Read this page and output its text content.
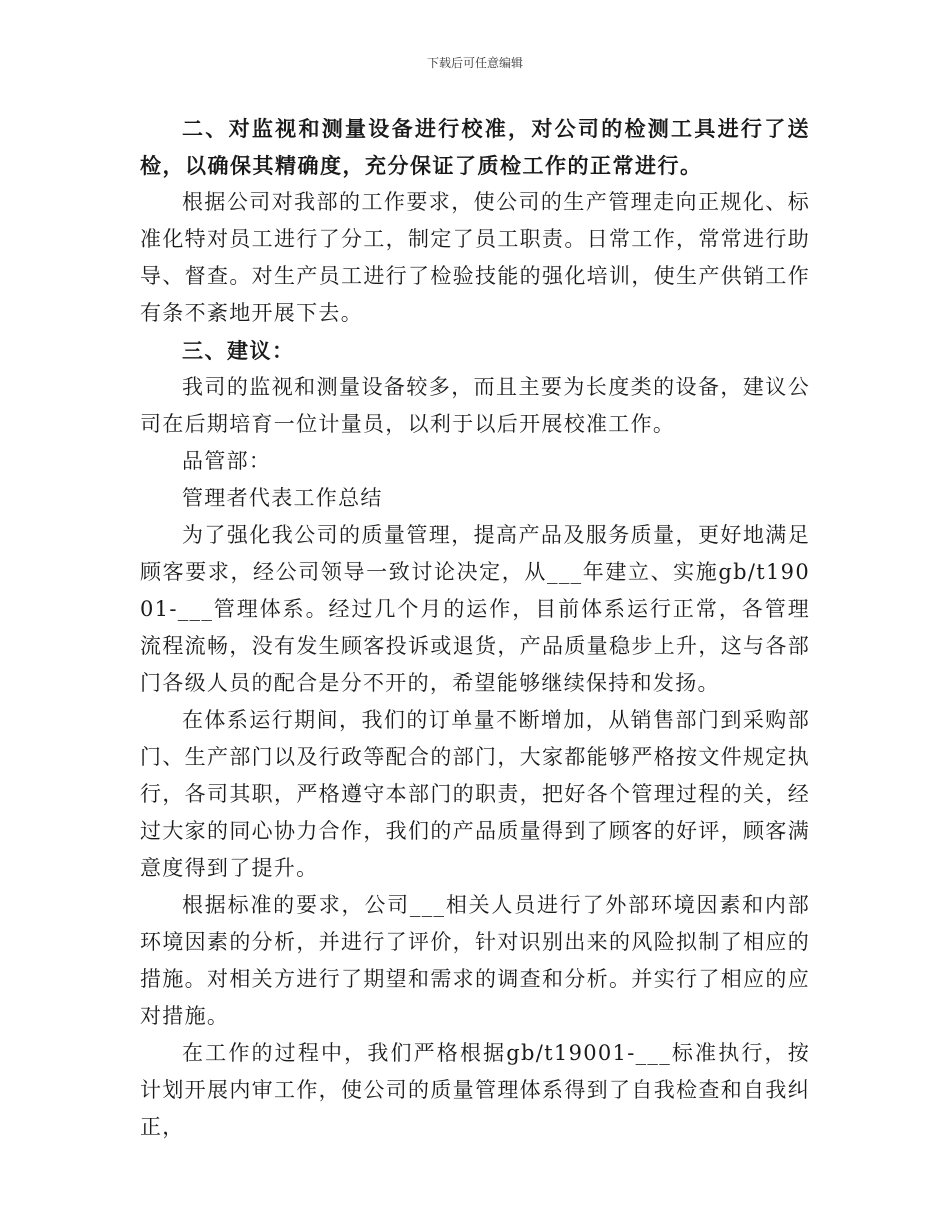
下载后可任意编辑

二、对监视和测量设备进行校准，对公司的检测工具进行了送检，以确保其精确度，充分保证了质检工作的正常进行。

根据公司对我部的工作要求，使公司的生产管理走向正规化、标准化特对员工进行了分工，制定了员工职责。日常工作，常常进行助导、督查。对生产员工进行了检验技能的强化培训，使生产供销工作有条不紊地开展下去。

三、建议：

我司的监视和测量设备较多，而且主要为长度类的设备，建议公司在后期培育一位计量员，以利于以后开展校准工作。

品管部：

管理者代表工作总结

为了强化我公司的质量管理，提高产品及服务质量，更好地满足顾客要求，经公司领导一致讨论决定，从___年建立、实施gb/t19001-___管理体系。经过几个月的运作，目前体系运行正常，各管理流程流畅，没有发生顾客投诉或退货，产品质量稳步上升，这与各部门各级人员的配合是分不开的，希望能够继续保持和发扬。

在体系运行期间，我们的订单量不断增加，从销售部门到采购部门、生产部门以及行政等配合的部门，大家都能够严格按文件规定执行，各司其职，严格遵守本部门的职责，把好各个管理过程的关，经过大家的同心协力合作，我们的产品质量得到了顾客的好评，顾客满意度得到了提升。

根据标准的要求，公司___相关人员进行了外部环境因素和内部环境因素的分析，并进行了评价，针对识别出来的风险拟制了相应的措施。对相关方进行了期望和需求的调查和分析。并实行了相应的应对措施。

在工作的过程中，我们严格根据gb/t19001-___标准执行，按计划开展内审工作，使公司的质量管理体系得到了自我检查和自我纠正，
